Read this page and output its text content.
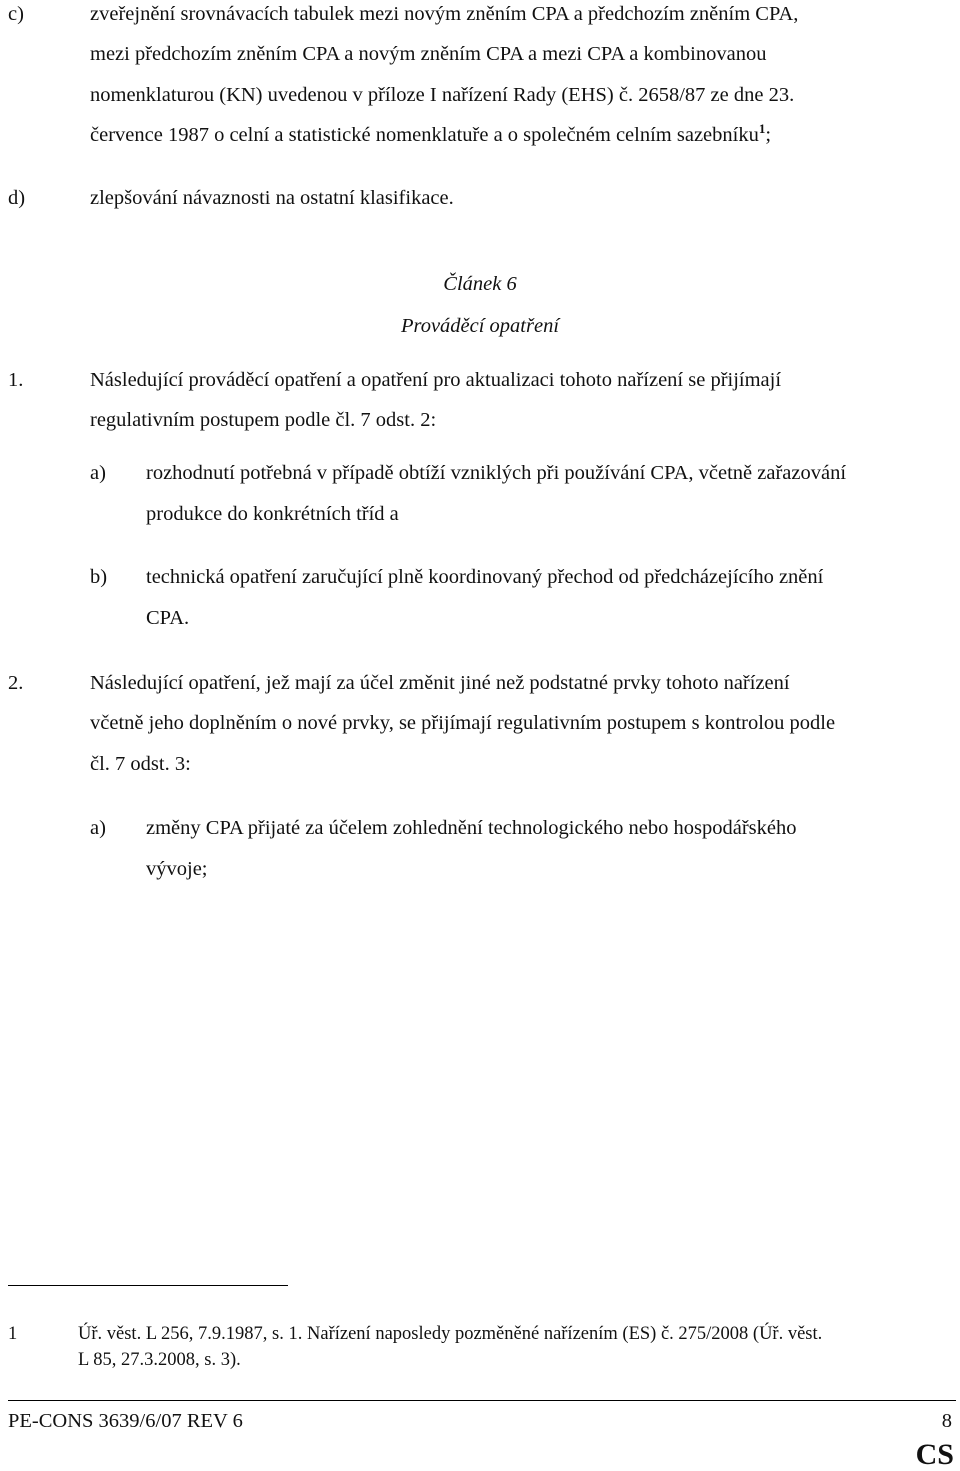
c)	zveřejnění srovnávacích tabulek mezi novým zněním CPA a předchozím zněním CPA,
mezi předchozím zněním CPA a novým zněním CPA a mezi CPA a kombinovanou
nomenklaturou (KN) uvedenou v příloze I nařízení Rady (EHS) č. 2658/87 ze dne 23.
července 1987 o celní a statistické nomenklatuře a o společném celním sazebníku$^1$;
d)	zlepšování návaznosti na ostatní klasifikace.
Článek 6
Prováděcí opatření
1.	Následující prováděcí opatření a opatření pro aktualizaci tohoto nařízení se přijímají
regulativním postupem podle čl. 7 odst. 2:
a) rozhodnutí potřebná v případě obtíží vzniklých při používání CPA, včetně zařazování
produkce do konkrétních tříd a
b) technická opatření zaručující plně koordinovaný přechod od předcházejícího znění
CPA.
2.	Následující opatření, jež mají za účel změnit jiné než podstatné prvky tohoto nařízení
včetně jeho doplněním o nové prvky, se přijímají regulativním postupem s kontrolou podle
čl. 7 odst. 3:
a) změny CPA přijaté za účelem zohlednění technologického nebo hospodářského
vývoje;
1	Úř. věst. L 256, 7.9.1987, s. 1. Nařízení naposledy pozměněné nařízením (ES) č. 275/2008 (Úř. věst.
L 85, 27.3.2008, s. 3).
PE-CONS 3639/6/07 REV 6	8
CS
